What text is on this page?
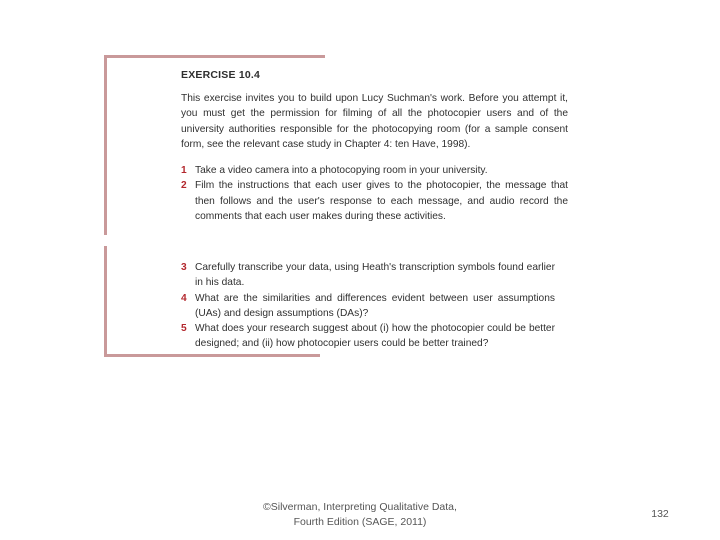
EXERCISE 10.4

This exercise invites you to build upon Lucy Suchman's work. Before you attempt it, you must get the permission for filming of all the photocopier users and of the university authorities responsible for the photocopying room (for a sample consent form, see the relevant case study in Chapter 4: ten Have, 1998).

1 Take a video camera into a photocopying room in your university.
2 Film the instructions that each user gives to the photocopier, the message that then follows and the user's response to each message, and audio record the comments that each user makes during these activities.
3 Carefully transcribe your data, using Heath's transcription symbols found earlier in his data.
4 What are the similarities and differences evident between user assumptions (UAs) and design assumptions (DAs)?
5 What does your research suggest about (i) how the photocopier could be better designed; and (ii) how photocopier users could be better trained?
©Silverman, Interpreting Qualitative Data,
Fourth Edition (SAGE, 2011)
132
